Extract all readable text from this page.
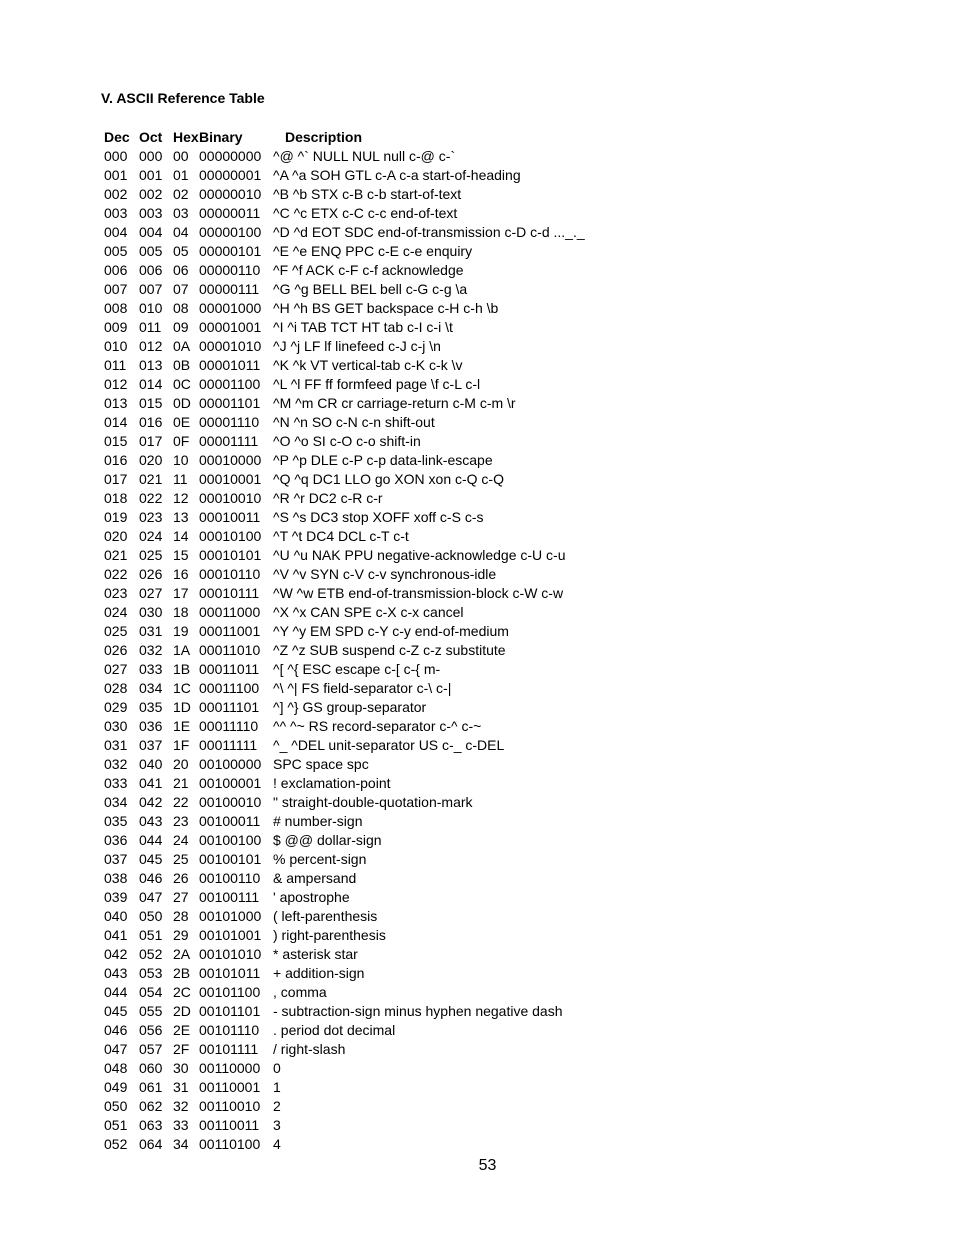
V. ASCII Reference Table
Dec Oct Hex Binary	Description
000 000 00 00000000 ^@ ^` NULL NUL null c-@ c-`
001 001 01 00000001 ^A ^a SOH GTL c-A c-a start-of-heading
002 002 02 00000010 ^B ^b STX c-B c-b start-of-text
003 003 03 00000011 ^C ^c ETX c-C c-c end-of-text
004 004 04 00000100 ^D ^d EOT SDC end-of-transmission c-D c-d ..._._
005 005 05 00000101 ^E ^e ENQ PPC c-E c-e enquiry
006 006 06 00000110 ^F ^f ACK c-F c-f acknowledge
007 007 07 00000111 ^G ^g BELL BEL bell c-G c-g \a
008 010 08 00001000 ^H ^h BS GET backspace c-H c-h \b
009 011 09 00001001 ^I ^i TAB TCT HT tab c-I c-i \t
010 012 0A 00001010 ^J ^j LF lf linefeed c-J c-j \n
011 013 0B 00001011 ^K ^k VT vertical-tab c-K c-k \v
012 014 0C 00001100 ^L ^l FF ff formfeed page \f c-L c-l
013 015 0D 00001101 ^M ^m CR cr carriage-return c-M c-m \r
014 016 0E 00001110 ^N ^n SO c-N c-n shift-out
015 017 0F 00001111 ^O ^o SI c-O c-o shift-in
016 020 10 00010000 ^P ^p DLE c-P c-p data-link-escape
017 021 11 00010001 ^Q ^q DC1 LLO go XON xon c-Q c-Q
018 022 12 00010010 ^R ^r DC2 c-R c-r
019 023 13 00010011 ^S ^s DC3 stop XOFF xoff c-S c-s
020 024 14 00010100 ^T ^t DC4 DCL c-T c-t
021 025 15 00010101 ^U ^u NAK PPU negative-acknowledge c-U c-u
022 026 16 00010110 ^V ^v SYN c-V c-v synchronous-idle
023 027 17 00010111 ^W ^w ETB end-of-transmission-block c-W c-w
024 030 18 00011000 ^X ^x CAN SPE c-X c-x cancel
025 031 19 00011001 ^Y ^y EM SPD c-Y c-y end-of-medium
026 032 1A 00011010 ^Z ^z SUB suspend c-Z c-z substitute
027 033 1B 00011011 ^[ ^{ ESC escape c-[ c-{ m-
028 034 1C 00011100 ^\ ^| FS field-separator c-\ c-|
029 035 1D 00011101 ^] ^} GS group-separator
030 036 1E 00011110 ^^ ^~ RS record-separator c-^ c-~
031 037 1F 00011111 ^_ ^DEL unit-separator US c-_ c-DEL
032 040 20 00100000 SPC space spc
033 041 21 00100001 ! exclamation-point
034 042 22 00100010 " straight-double-quotation-mark
035 043 23 00100011 # number-sign
036 044 24 00100100 $ @@ dollar-sign
037 045 25 00100101 % percent-sign
038 046 26 00100110 & ampersand
039 047 27 00100111 ' apostrophe
040 050 28 00101000 ( left-parenthesis
041 051 29 00101001 ) right-parenthesis
042 052 2A 00101010 * asterisk star
043 053 2B 00101011 + addition-sign
044 054 2C 00101100 , comma
045 055 2D 00101101 - subtraction-sign minus hyphen negative dash
046 056 2E 00101110 . period dot decimal
047 057 2F 00101111 / right-slash
048 060 30 00110000 0
049 061 31 00110001 1
050 062 32 00110010 2
051 063 33 00110011 3
052 064 34 00110100 4
53
